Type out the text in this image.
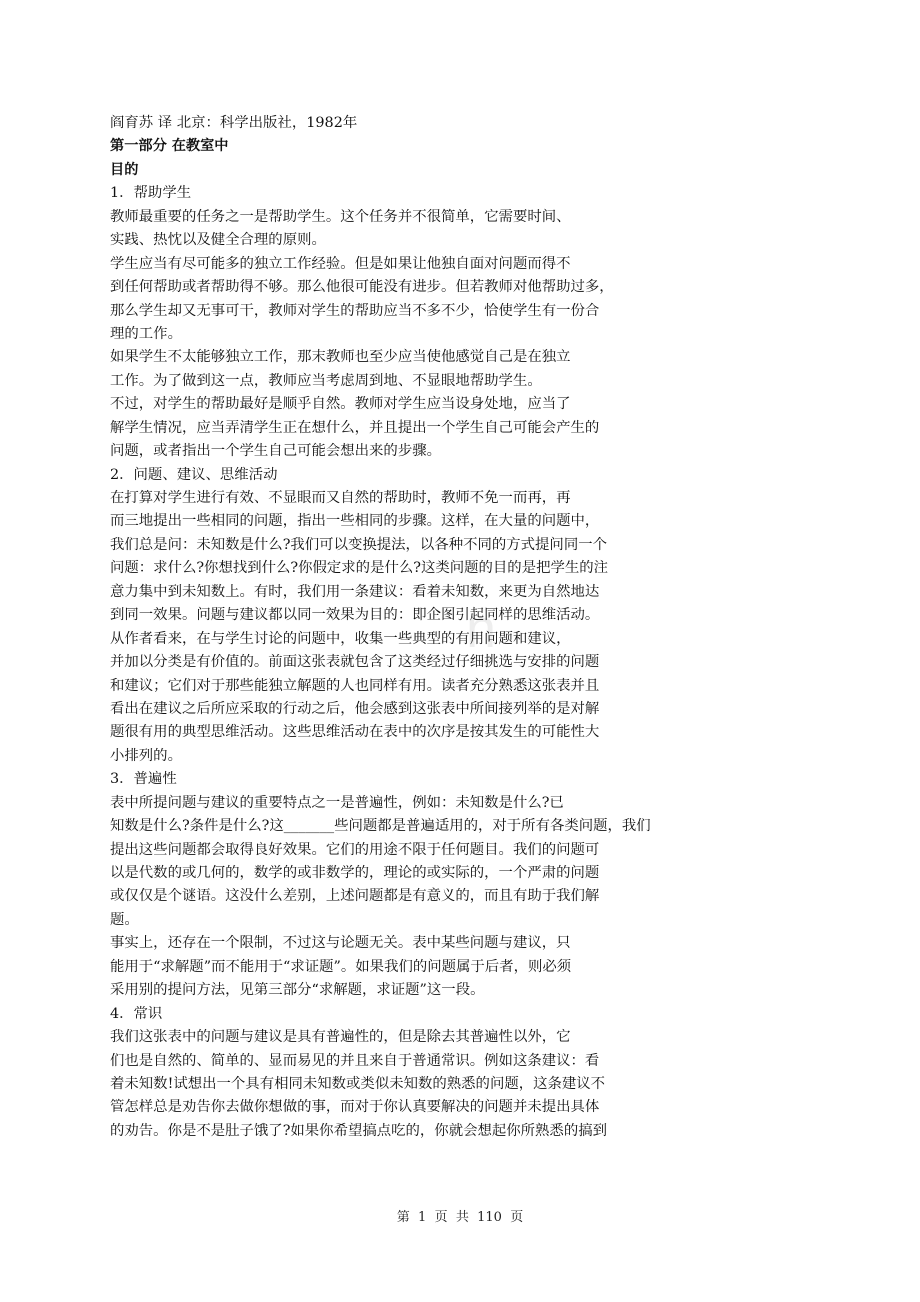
n
阎育苏 译 北京：科学出版社，1982年
第一部分 在教室中
目的
1．帮助学生
教师最重要的任务之一是帮助学生。这个任务并不很简单，它需要时间、
实践、热忱以及健全合理的原则。
学生应当有尽可能多的独立工作经验。但是如果让他独自面对问题而得不
到任何帮助或者帮助得不够。那么他很可能没有进步。但若教师对他帮助过多，
那么学生却又无事可干，教师对学生的帮助应当不多不少，恰使学生有一份合
理的工作。
如果学生不太能够独立工作，那末教师也至少应当使他感觉自己是在独立
工作。为了做到这一点，教师应当考虑周到地、不显眼地帮助学生。
不过，对学生的帮助最好是顺乎自然。教师对学生应当设身处地，应当了
解学生情况，应当弄清学生正在想什么，并且提出一个学生自己可能会产生的
问题，或者指出一个学生自己可能会想出来的步骤。
2．问题、建议、思维活动
在打算对学生进行有效、不显眼而又自然的帮助时，教师不免一而再，再
而三地提出一些相同的问题，指出一些相同的步骤。这样，在大量的问题中，
我们总是问：未知数是什么?我们可以变换提法，以各种不同的方式提问同一个
问题：求什么?你想找到什么?你假定求的是什么?这类问题的目的是把学生的注
意力集中到未知数上。有时，我们用一条建议：看着未知数，来更为自然地达
到同一效果。问题与建议都以同一效果为目的：即企图引起同样的思维活动。
从作者看来，在与学生讨论的问题中，收集一些典型的有用问题和建议，
并加以分类是有价值的。前面这张表就包含了这类经过仔细挑选与安排的问题
和建议；它们对于那些能独立解题的人也同样有用。读者充分熟悉这张表并且
看出在建议之后所应采取的行动之后，他会感到这张表中所间接列举的是对解
题很有用的典型思维活动。这些思维活动在表中的次序是按其发生的可能性大
小排列的。
3．普遍性
表中所提问题与建议的重要特点之一是普遍性，例如：未知数是什么?已
知数是什么?条件是什么?这_______些问题都是普遍适用的，对于所有各类问题，我们
提出这些问题都会取得良好效果。它们的用途不限于任何题目。我们的问题可
以是代数的或几何的，数学的或非数学的，理论的或实际的，一个严肃的问题
或仅仅是个谜语。这没什么差别，上述问题都是有意义的，而且有助于我们解
题。
事实上，还存在一个限制，不过这与论题无关。表中某些问题与建议，只
能用于“求解题”而不能用于“求证题”。如果我们的问题属于后者，则必须
采用别的提问方法，见第三部分“求解题，求证题”这一段。
4．常识
我们这张表中的问题与建议是具有普遍性的，但是除去其普遍性以外，它
们也是自然的、简单的、显而易见的并且来自于普通常识。例如这条建议：看
着未知数!试想出一个具有相同未知数或类似未知数的熟悉的问题，这条建议不
管怎样总是劝告你去做你想做的事，而对于你认真要解决的问题并未提出具体
的劝告。你是不是肚子饿了?如果你希望搞点吃的，你就会想起你所熟悉的搞到
第  1  页  共  110  页
